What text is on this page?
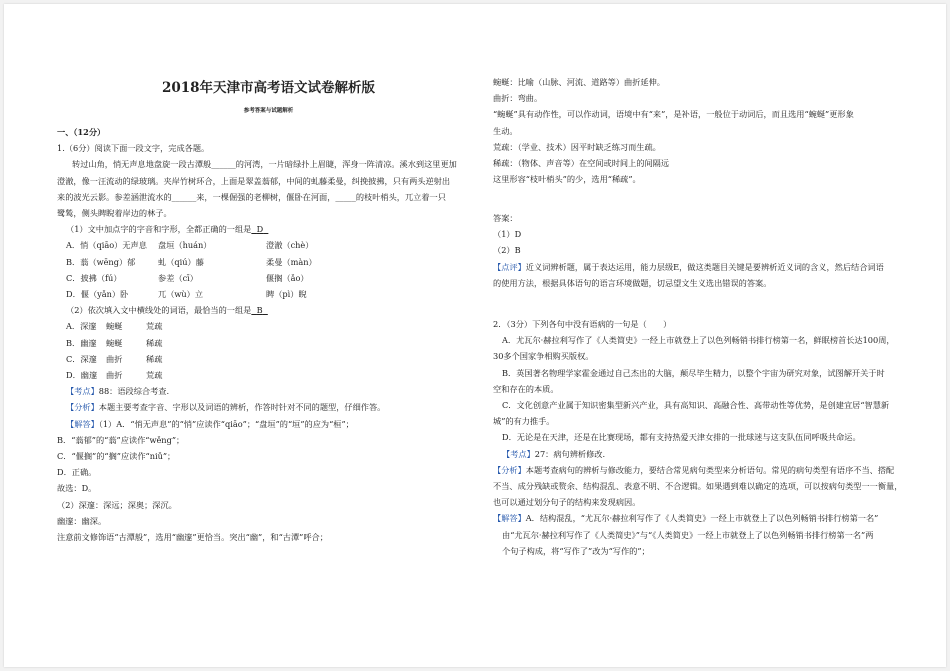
2018年天津市高考语文试卷解析版
参考答案与试题解析

一、（12分）

1.（6分）阅读下面一段文字，完成各题。

转过山角，悄无声息地盘旋一段古潭般______的河湾，一片暗绿扑上眉睫，浑身一阵清凉。溪水到这里更加

澄澈，像一汪流动的绿玻璃。夹岸竹树环合，上面是翠盖蓊郁，中间的虬藤柔曼，纠挽披拂，只有两头逆射出

来的波光云影。参差涵泄流水的______来，一棵倔强的老柳树，偃卧在河面，_____的枝叶梢头，兀立着一只

鹭鸶，侧头睥睨着岸边的林子。

（1）文中加点字的字音和字形，全都正确的一组是 D

A．悄（qiāo）无声息 盘垣（huán）	澄澈（chè）

B．蓊（wēng）郁	虬（qiú）藤	柔曼（màn）

C．披拂（fú）	参差（cī）	偃搁（ǎo）

D．偃（yǎn）卧	兀（wù）立	睥（pì）睨

（2）依次填入文中横线处的词语，最恰当的一组是 B

A．深邃 蜿蜒	荒疏

B．幽邃 蜿蜒	稀疏

C．深邃 曲折	稀疏

D．幽邃 曲折	荒疏

【考点】88：语段综合考查.

【分析】本题主要考查字音、字形以及词语的辨析，作答时针对不同的题型，仔细作答。

【解答】（1）A．“悄无声息”的“悄”应读作“qiāo”；“盘垣”的“垣”的应为“桓”；

B．“蓊郁”的“蓊”应读作“wěng”；

C．“偃搁”的“搁”应读作“niǔ”；

D．正确。

故选：D。

（2）深邃：深远；深奥；深沉。

幽邃：幽深。

注意前文修饰语“古潭般”，选用“幽邃”更恰当。突出“幽”，和“古潭”呼合；

蜿蜒：比喻（山脉、河流、道路等）曲折延伸。

曲折：弯曲。

“蜿蜒”具有动作性，可以作动词，语境中有“来”，是补语，一般位于动词后，而且选用“蜿蜒”更形象

生动。

荒疏：（学业、技术）因平时缺乏练习而生疏。

稀疏：（物体、声音等）在空间或时间上的间隔远

这里形容“枝叶梢头”的少，选用“稀疏”。

答案：

（1）D

（2）B

【点评】近义词辨析题，属于表达运用，能力层级E，做这类题目关键是要辨析近义词的含义，然后结合词语

的使用方法，根据具体语句的语言环境做题，切忌望文生义选出错误的答案。

2．（3分）下列各句中没有语病的一句是（　　）

A．尤瓦尔·赫拉利写作了《人类简史》一经上市就登上了以色列畅销书排行榜第一名，鲜眠榜首长达100周，

30多个国家争相购买版权。

B．英国著名物理学家霍金通过自己杰出的大脑，颠尽毕生精力，以整个宇宙为研究对象，试图解开关于时

空和存在的本质。

C．文化创意产业属于知识密集型新兴产业，具有高知识、高融合性、高带动性等优势，是创建宜居“智慧新

城”的有力推手。

D．无论是在天津，还是在比赛现场，都有支持热爱天津女排的一批球迷与这支队伍同呼吸共命运。

【考点】27：病句辨析修改.

【分析】本题考查病句的辨析与修改能力，要结合常见病句类型来分析语句。常见的病句类型有语序不当、搭配

不当、成分残缺或赘余、结构混乱、表意不明、不合逻辑。如果遇到难以确定的选项，可以按病句类型一一衡量，

也可以通过划分句子的结构来发现病因。

【解答】A．结构混乱，“尤瓦尔·赫拉利写作了《人类简史》一经上市就登上了以色列畅销书排行榜第一名”

由“尤瓦尔·赫拉利写作了《人类简史》”与“《人类简史》一经上市就登上了以色列畅销书排行榜第一名”两

个句子构成，将“写作了”改为“写作的”；
